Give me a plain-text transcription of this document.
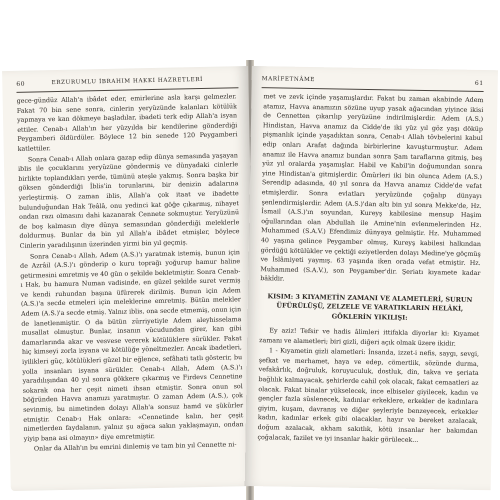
60	ERZURUMLU İBRAHIM HAKKI HAZRETLERİ

gece-gündüz Allah'a ibâdet eder, emirlerine asla karşı gelmezler. Fakat 70 bin sene sonra, cinlerin yeryüzünde kalanları kötülük yapmaya ve kan dökmeye başladılar, ibadeti terk edip Allah'a isyan ettiler. Cenab-ı Allah'ın her yüzyılda bir kendilerine gönderdiği Peygamberi öldürdüler. Böylece 12 bin senede 120 Peygamberi katlettiler.

Sonra Cenab-ı Allah onlara gazap edip dünya semasında yaşayan iblis ile çocuklarını yeryüzüne göndermiş ve dünyadaki cinlerle birlikte toplandıkları yerde, tümünü ateşle yakmış. Sonra başka bir göksen gönderdiği İblis'in torunlarını, bir denizin adalarına yerleştirmiş. O zaman iblis, Allah'a çok itaat ve ibadette bulunduğundan Hak Teâlâ, onu yedinci kat göğe çıkarmış, nihayet ondan razı olmasını dahi kazanarak Cennete sokmuştur. Yeryüzünü de boş kalmasın diye dünya semasından gönderdiği meleklerle doldurmuş. Bunlar da bin yıl Allah'a ibâdet etmişler, böylece Cinlerin yaradılışının üzerinden yirmi bin yıl geçmiş.

Sonra Cenab-ı Allah, Adem (A.S.)'ı yaratmak istemiş, bunun için de Azrâil (A.S.)'ı gönderip o kuru toprağı yoğurup hamur haline getirmesini emretmiş ve 40 gün o şekilde bekletmiştir. Sonra Cenab-ı Hak, bu hamura Numan vadisinde, en güzel şekilde suret vermiş ve kendi ruhundan başına üfürerek dirilmiş. Bunun için Adem (A.S.)'a secde etmeleri için meleklerine emretmiş. Bütün melekler Adem (A.S.)'a secde etmiş. Yalnız iblis, ona secde etmemiş, onun için de lanetlenmiştir. O da bütün zürriyetiyle Adem aleyhisselama musallat olmuştur. Bunlar, insanın vücudundan girer, kan gibi damarlarında akar ve vesvese vererek kötülüklere sürükler. Fakat hiç kimseyi zorla isyana ve kötülüğe yöneltmezler. Ancak ibadetleri, iyilikleri güç, kötülükleri güzel bir eğlence, sefâhati tatlı gösterir, bu yolla insanları isyana sürükler. Cenab-ı Allah, Adem (A.S.)'ı yaradılışından 40 yıl sonra gökkere çıkarmış ve Firdevs Cennetine sokarak ona her çeşit nimeti ihsan etmiştir. Sonra onun sol böğründen Havva anamızı yaratmıştır. O zaman Adem (A.S.), çok sevinmiş, bu nimetinden dolayı Allah'a sonsuz hamd ve şükürler etmiştir. Cenab-ı Hak onlara: «Cennetinde kalın, her çeşit nimetlerden faydalanın, yalnız şu ağaca sakın yaklaşmayın, ondan yiyip bana asi olmayın» diye emretmiştir.

Onlar da Allah'ın bu emrini dinlemiş ve tam bin yıl Cennette ni-

MARİFETNÂME
61

met ve zevk içinde yaşamışlardır. Fakat bu zaman akabinde Adem atamız, Havva anamızın sözüne uyup yasak ağacından yiyince ikisi de Cennetten çıkarılıp yeryüzüne indirilmişlerdir. Adem (A.S.) Hindistan, Havva anamız da Cidde'de iki yüz yıl göz yaşı döküp pişmanlık içinde yaşadıktan sonra, Cenab-ı Allah tövbelerini kabul edip onları Arafat dağında birbirlerine kavuşturmuştur. Adem anamız ile Havva anamız bundan sonra Şam taraflarına gitmiş, beş yüz yıl oralarda yaşamışlar. Habil ve Kabil'in doğumundan sonra yine Hindistan'a gitmişlerdir. Ömürleri iki bin olunca Adem (A.S.) Serendip adasında, 40 yıl sonra da Havva anamız Cidde'de vefat etmişlerdir. Sonra evlatları yeryüzünde çoğalıp dünyayı şenlendirmişlerdir. Adem (A.S.)'dan altı bin yıl sonra Mekke'de, Hz. İsmail (A.S.)'ın soyundan, Kureyş kabilesine mensup Haşim oğullarından olan Abdullah ile Amine'nin evlenmelerinden Hz. Muhammed (S.A.V.) Efendimiz dünyaya gelmiştir. Hz. Muhammed 40 yaşına gelince Peygamber olmuş, Kureyş kabilesi halkından gördüğü kötülükler ve çektiği eziyetlerden dolayı Medine'ye göçmüş ve İslâmiyeti yaymış. 63 yaşında iken orada vefat etmiştir. Hz. Muhammed (S.A.V.), son Peygamber'dir. Şeriatı kıyamete kadar bâkîdir.

KISIM: 3 KIYAMETİN ZAMANI VE ALAMETLERİ, SURUN ÜFÜRÜLÜŞÜ, ZELZELE VE YARATIKLARIN HELÂKİ, GÖKLERİN YIKILIŞI:

Ey aziz! Tefsir ve hadis âlimleri ittifakla diyorlar ki: Kıyamet zamanı ve alametleri; biri gizli, diğeri açık olmak üzere ikidir.

1 - Kıyametin gizli alametleri: İnsanda, izzet-i nefis, saygı, sevgi, şefkat ve merhamet, haya ve edep, cömertlik, sözünde durma, vefakârlık, doğruluk, koruyuculuk, dostluk, din, takva ve şeriata bağlılık kalmayacak, şehirlerde cahil çok olacak, fakat cemaatleri az olacak. Fakat binalar yükselecek, ince elbiseler giyilecek, kadın ve gençler fazla süslenecek, kadınlar erkeklere, erkekler de kadınlara giyim, kuşam, davranış ve diğer şeyleriyle benzeyecek, erkekler kadın, kadınlar erkek gibi olacaklar, hayır ve bereket azalacak, doğum azalacak, akham sakıtlık, kötü insanlar her bakımdan çoğalacak, fazilet ve iyi insanlar hakir görülecek...
